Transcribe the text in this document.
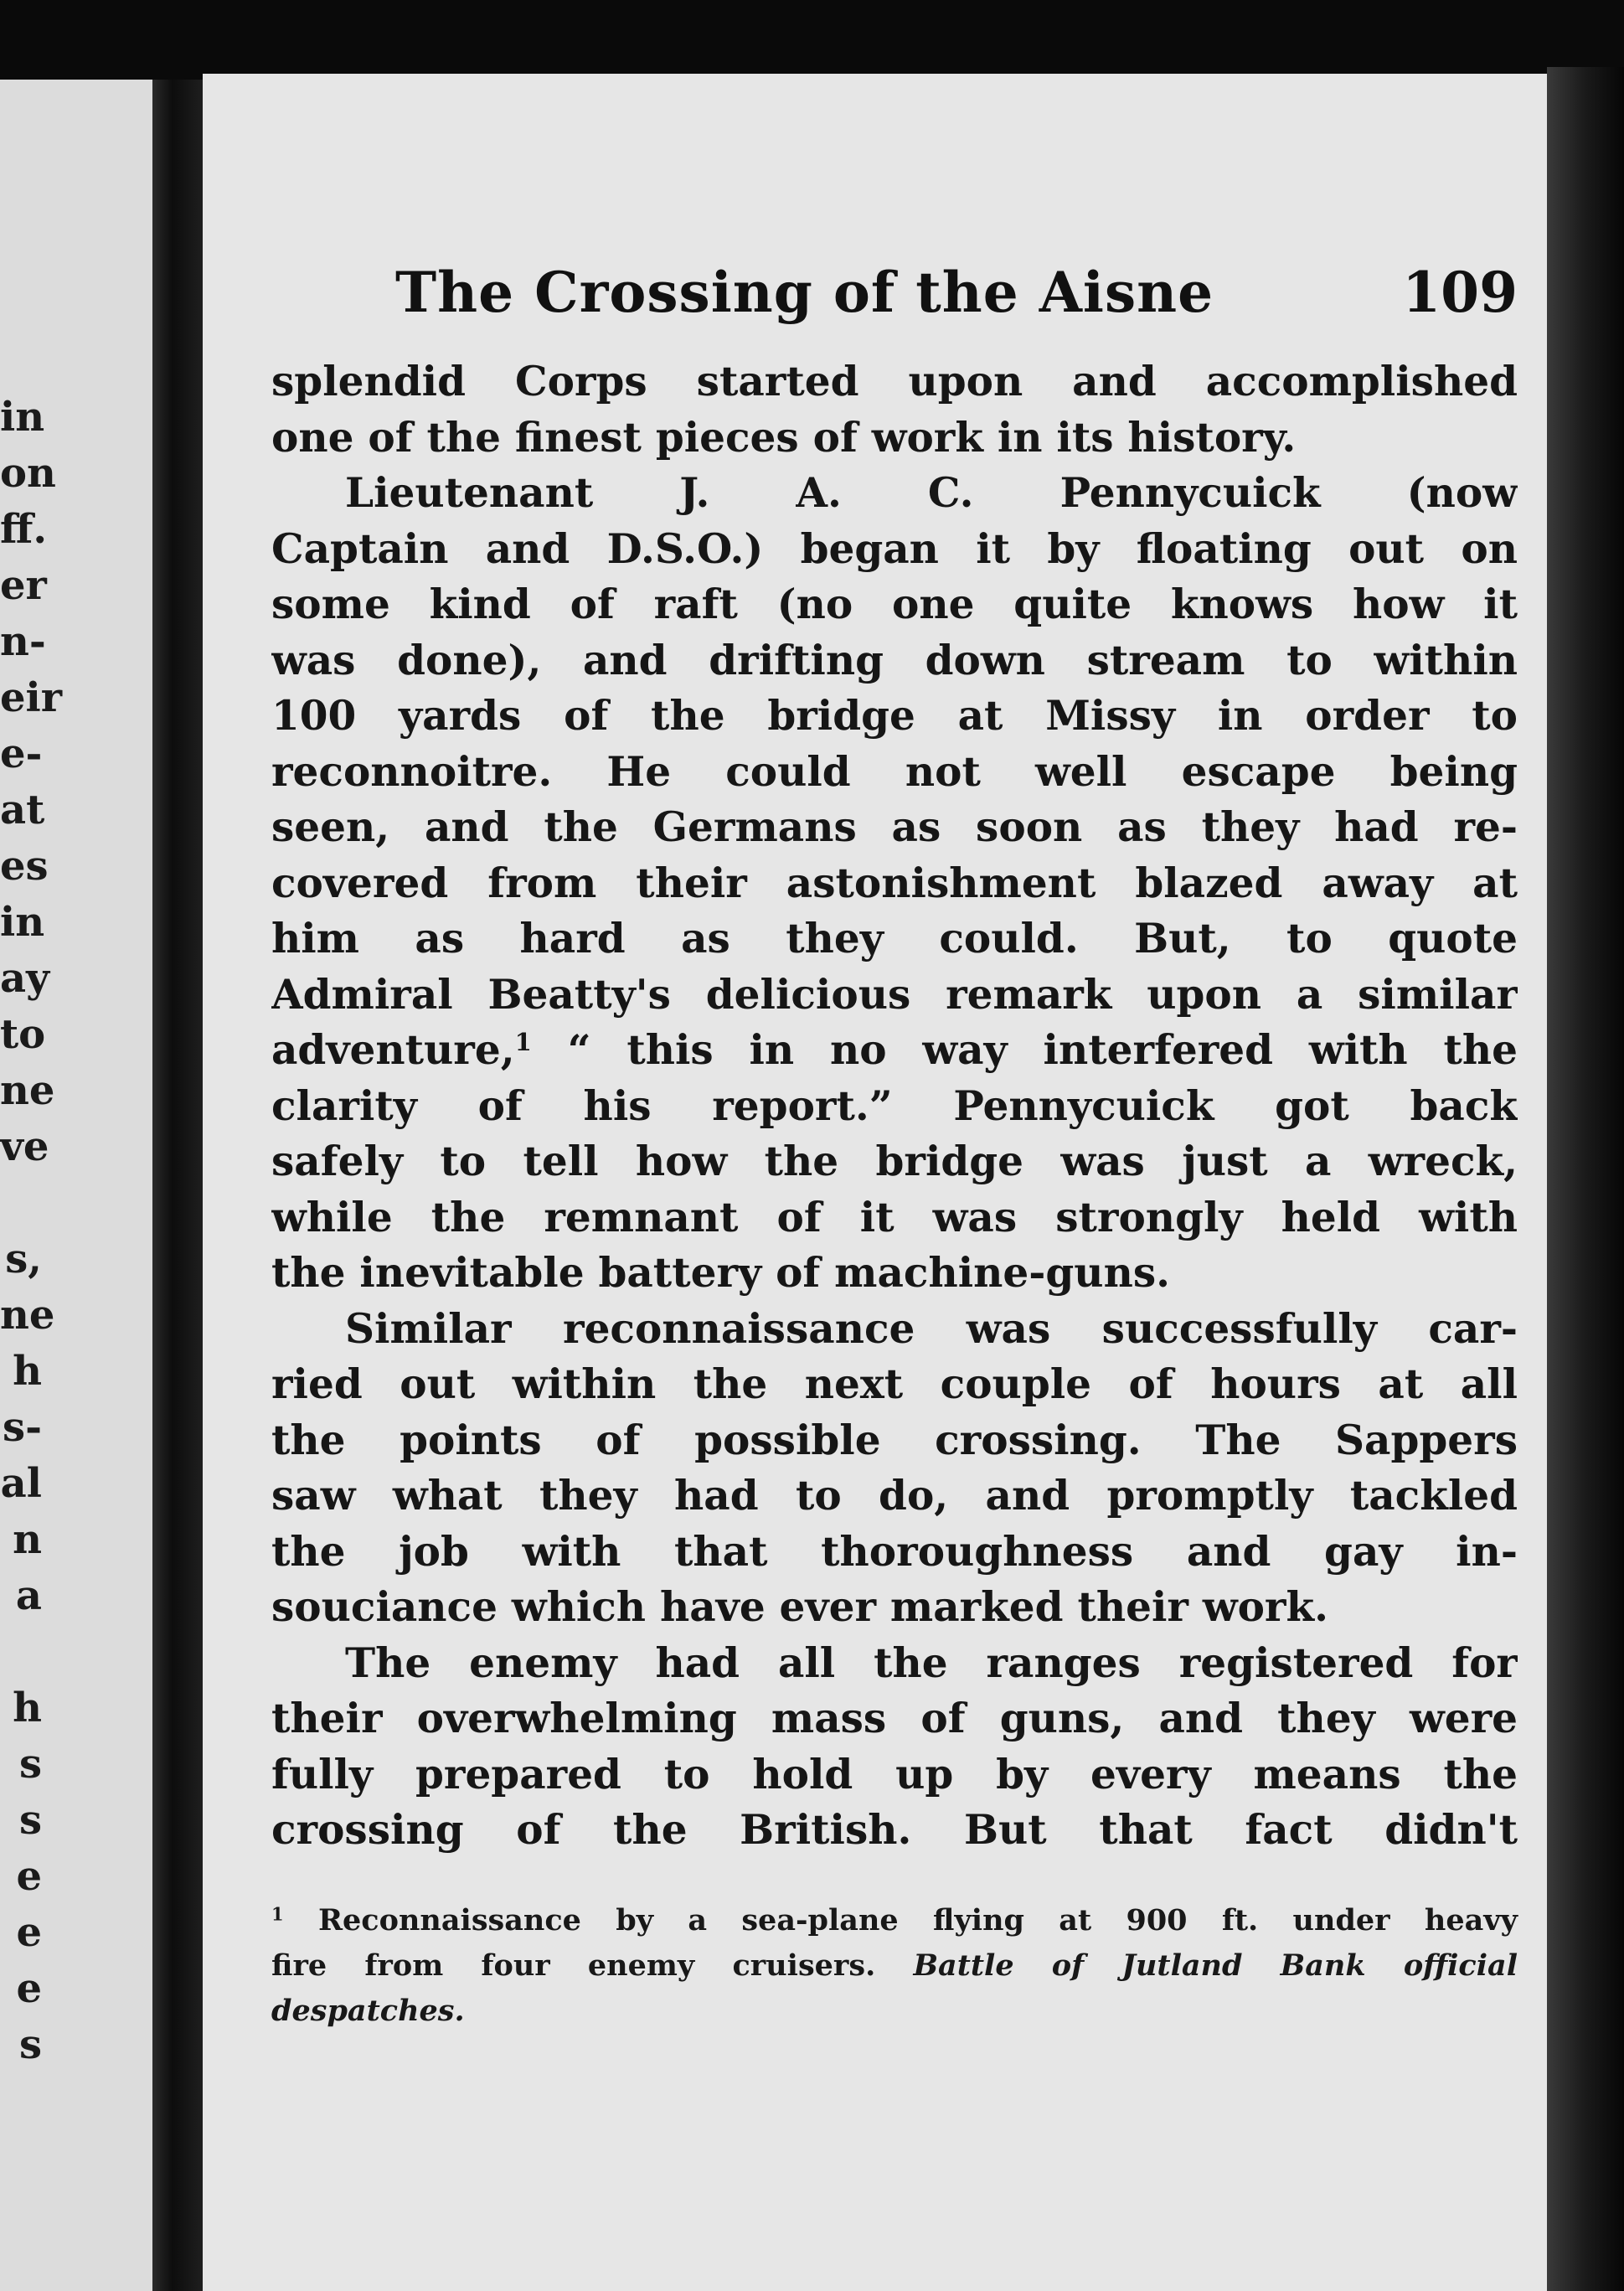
in
on
ff.
er
n-
eir
e-
at
es
in
ay
to
ne
ve
s,
ne
h
s-
al
n
a
h
s
s
e
e
e
s
The Crossing of the Aisne	109
splendid Corps started upon and accomplished
one of the finest pieces of work in its history.
Lieutenant J. A. C. Pennycuick (now
Captain and D.S.O.) began it by floating out on
some kind of raft (no one quite knows how it
was done), and drifting down stream to within
100 yards of the bridge at Missy in order to
reconnoitre. He could not well escape being
seen, and the Germans as soon as they had re-
covered from their astonishment blazed away at
him as hard as they could. But, to quote
Admiral Beatty's delicious remark upon a similar
adventure,$^1$ “ this in no way interfered with the
clarity of his report.” Pennycuick got back
safely to tell how the bridge was just a wreck,
while the remnant of it was strongly held with
the inevitable battery of machine-guns.
Similar reconnaissance was successfully car-
ried out within the next couple of hours at all
the points of possible crossing. The Sappers
saw what they had to do, and promptly tackled
the job with that thoroughness and gay in-
souciance which have ever marked their work.
The enemy had all the ranges registered for
their overwhelming mass of guns, and they were
fully prepared to hold up by every means the
crossing of the British. But that fact didn't
$^1$ Reconnaissance by a sea-plane flying at 900 ft. under heavy
fire from four enemy cruisers. Battle of Jutland Bank official
despatches.
